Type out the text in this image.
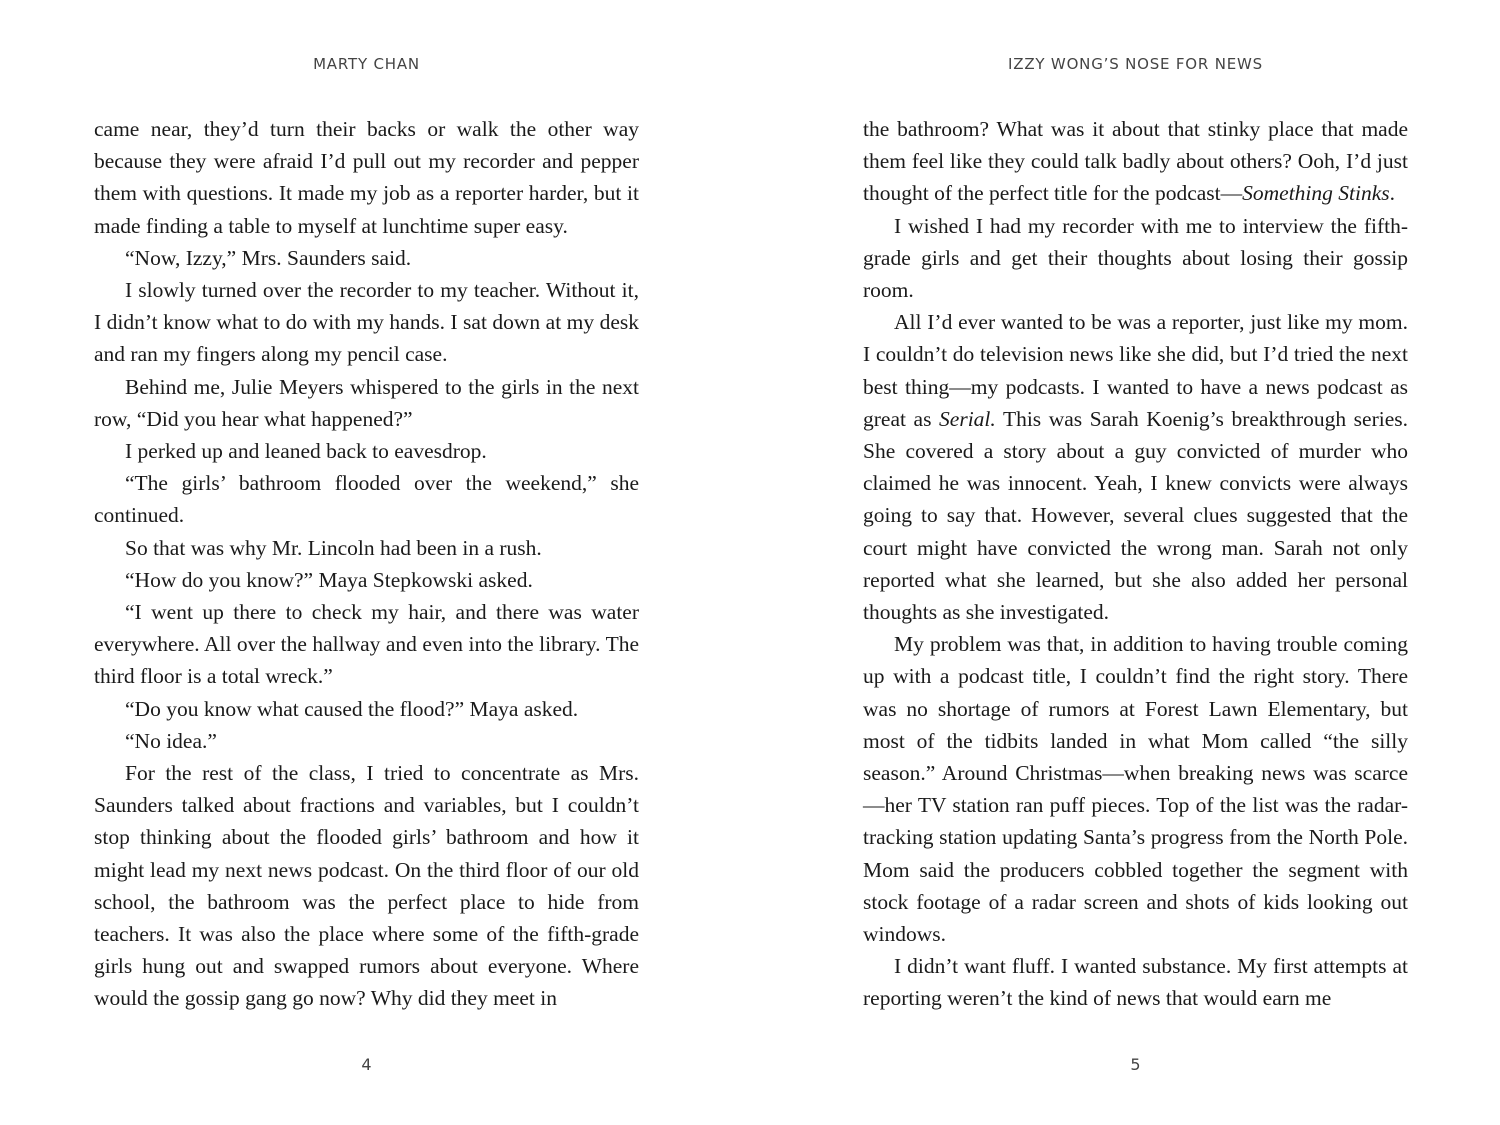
MARTY CHAN

came near, they’d turn their backs or walk the other way because they were afraid I’d pull out my recorder and pepper them with questions. It made my job as a reporter harder, but it made finding a table to myself at lunchtime super easy.

“Now, Izzy,” Mrs. Saunders said.

I slowly turned over the recorder to my teacher. Without it, I didn’t know what to do with my hands. I sat down at my desk and ran my fingers along my pencil case.

Behind me, Julie Meyers whispered to the girls in the next row, “Did you hear what happened?”

I perked up and leaned back to eavesdrop.

“The girls’ bathroom flooded over the weekend,” she continued.

So that was why Mr. Lincoln had been in a rush.

“How do you know?” Maya Stepkowski asked.

“I went up there to check my hair, and there was water everywhere. All over the hallway and even into the library. The third floor is a total wreck.”

“Do you know what caused the flood?” Maya asked.

“No idea.”

For the rest of the class, I tried to concentrate as Mrs. Saunders talked about fractions and variables, but I couldn’t stop thinking about the flooded girls’ bathroom and how it might lead my next news podcast. On the third floor of our old school, the bathroom was the perfect place to hide from teachers. It was also the place where some of the fifth-grade girls hung out and swapped rumors about everyone. Where would the gossip gang go now? Why did they meet in

4
IZZY WONG’S NOSE FOR NEWS

the bathroom? What was it about that stinky place that made them feel like they could talk badly about others? Ooh, I’d just thought of the perfect title for the podcast—Something Stinks.

I wished I had my recorder with me to interview the fifth-grade girls and get their thoughts about losing their gossip room.

All I’d ever wanted to be was a reporter, just like my mom. I couldn’t do television news like she did, but I’d tried the next best thing—my podcasts. I wanted to have a news podcast as great as Serial. This was Sarah Koenig’s breakthrough series. She covered a story about a guy convicted of murder who claimed he was innocent. Yeah, I knew convicts were always going to say that. However, several clues suggested that the court might have convicted the wrong man. Sarah not only reported what she learned, but she also added her personal thoughts as she investigated.

My problem was that, in addition to having trouble coming up with a podcast title, I couldn’t find the right story. There was no shortage of rumors at Forest Lawn Elementary, but most of the tidbits landed in what Mom called “the silly season.” Around Christmas—when breaking news was scarce—her TV station ran puff pieces. Top of the list was the radar-tracking station updating Santa’s progress from the North Pole. Mom said the producers cobbled together the segment with stock footage of a radar screen and shots of kids looking out windows.

I didn’t want fluff. I wanted substance. My first attempts at reporting weren’t the kind of news that would earn me

5
